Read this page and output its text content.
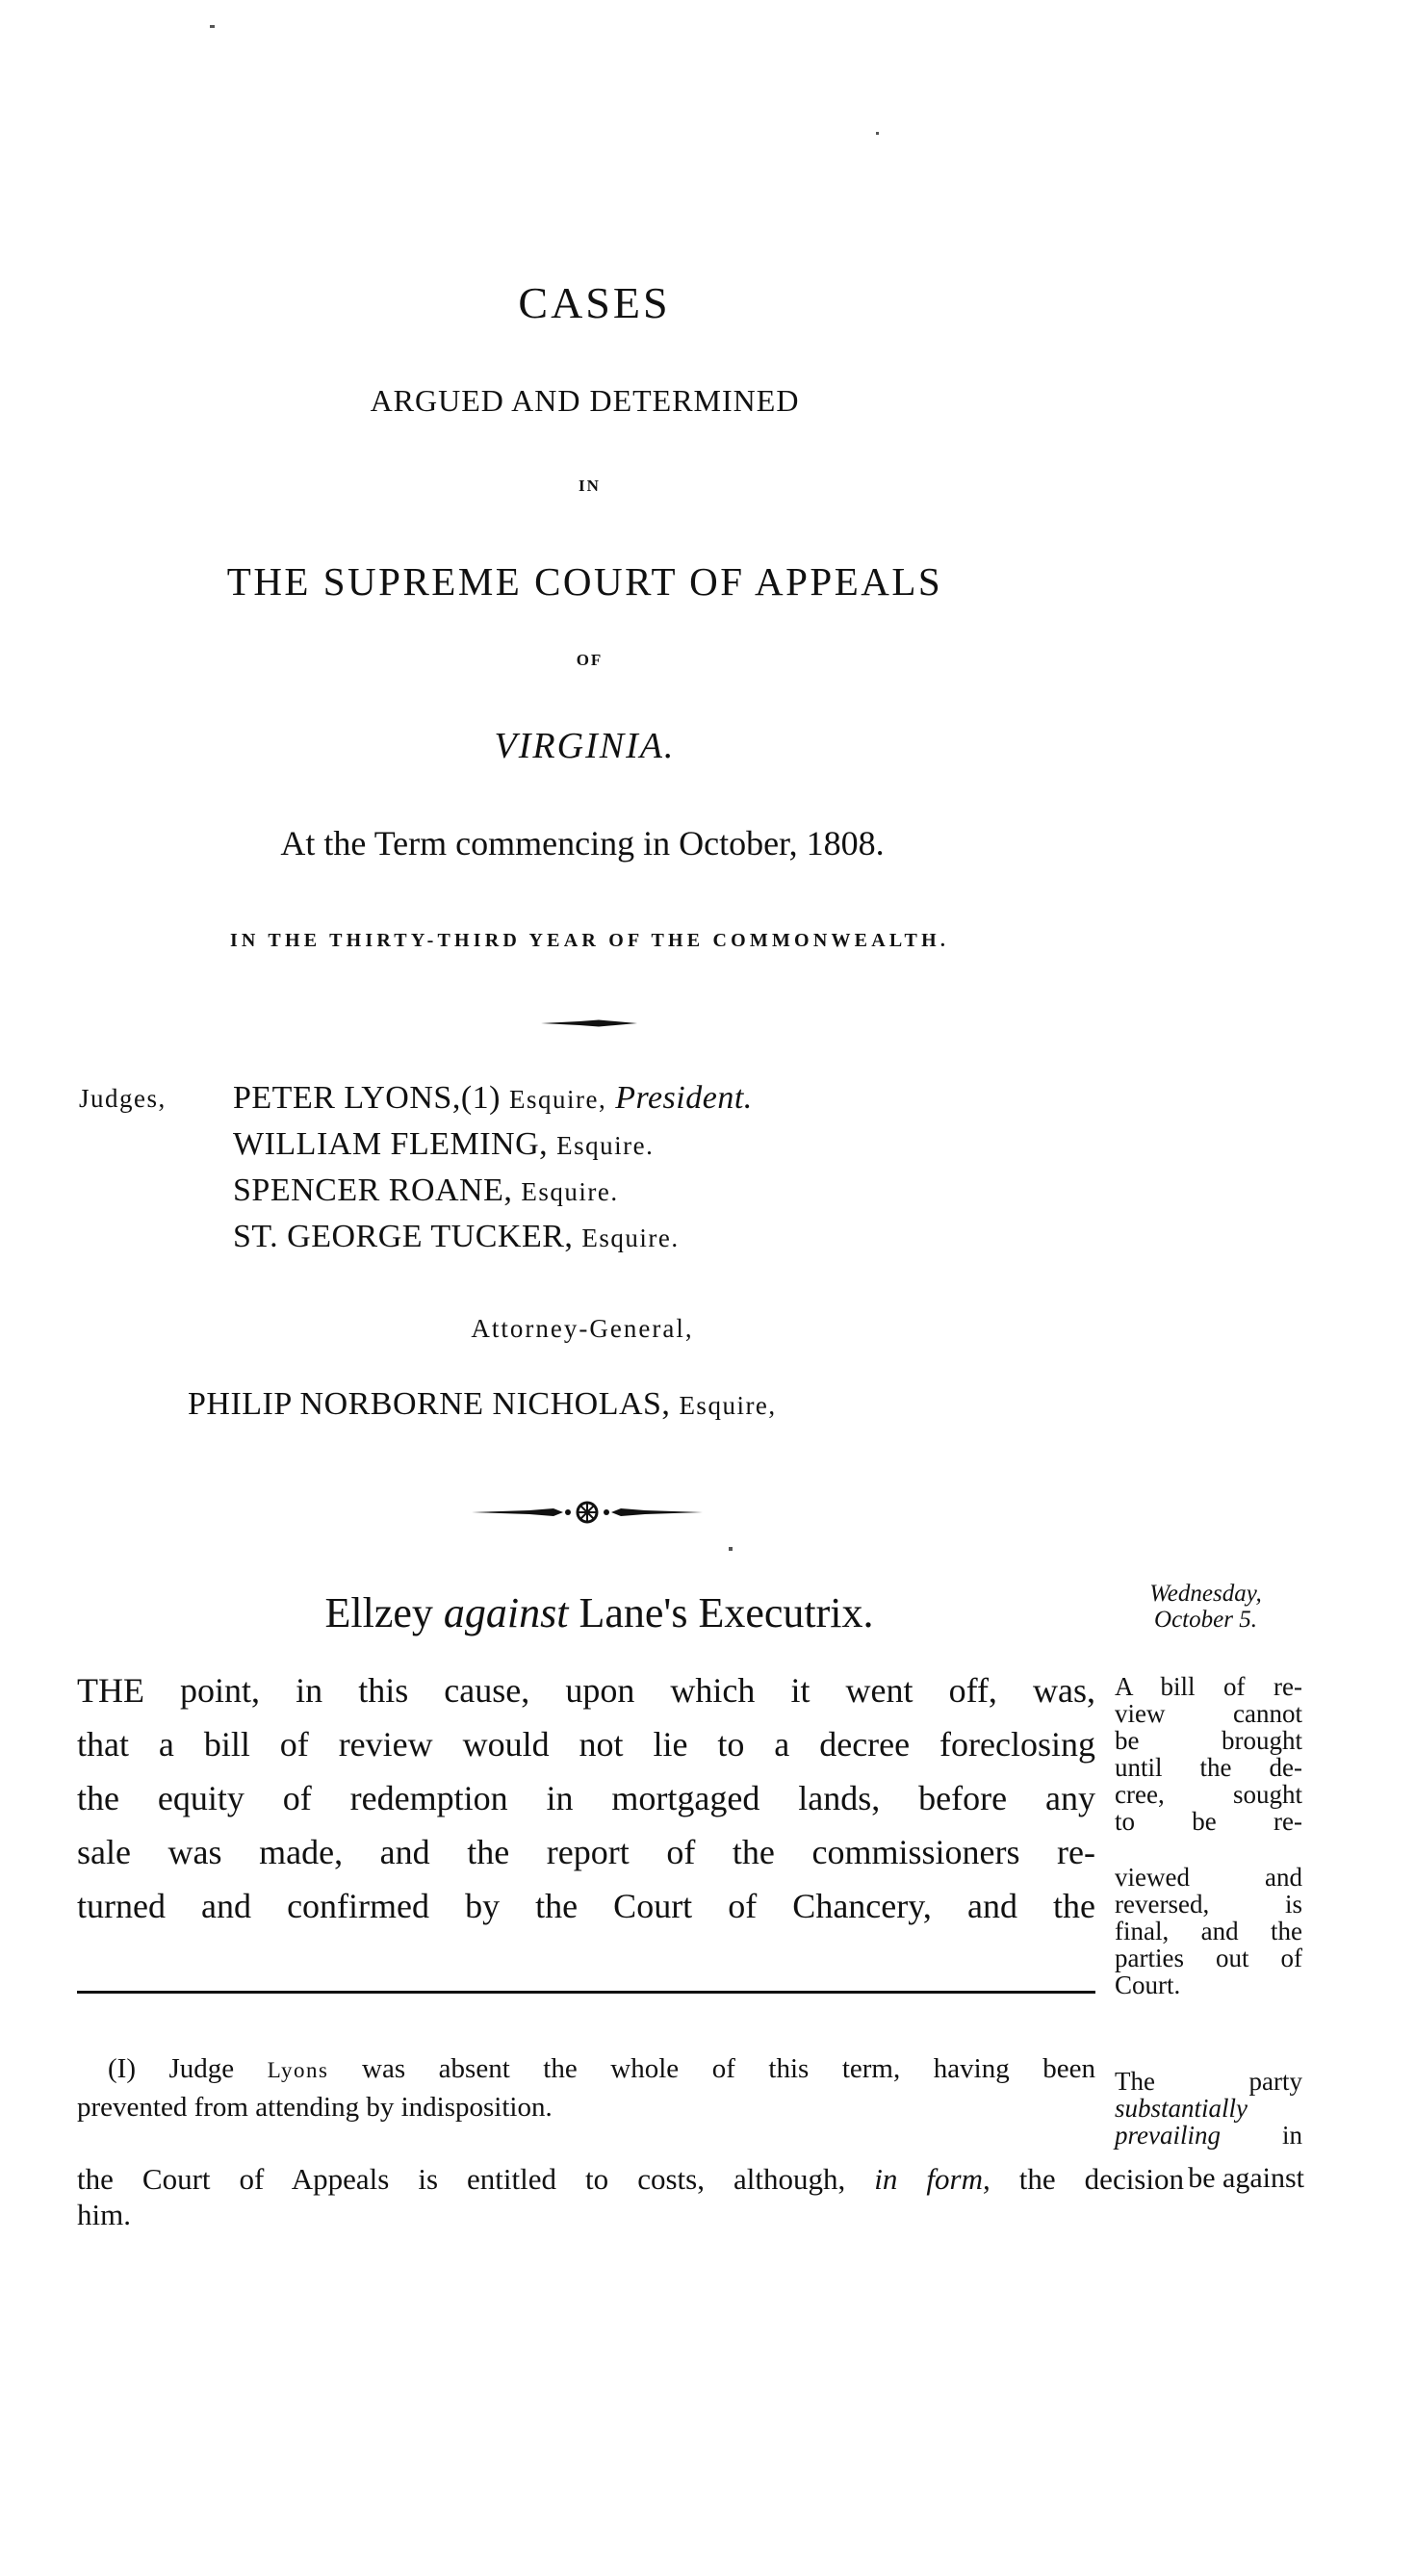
CASES
ARGUED AND DETERMINED
IN
THE SUPREME COURT OF APPEALS
OF
VIRGINIA.
At the Term commencing in October, 1808.
IN THE THIRTY-THIRD YEAR OF THE COMMONWEALTH.
Judges, PETER LYONS,(1) Esquire, President.
WILLIAM FLEMING, Esquire.
SPENCER ROANE, Esquire.
ST. GEORGE TUCKER, Esquire.
Attorney-General,
PHILIP NORBORNE NICHOLAS, Esquire,
Ellzey against Lane's Executrix.	Wednesday,
October 5.
THE point, in this cause, upon which it went off, was,
that a bill of review would not lie to a decree foreclosing
the equity of redemption in mortgaged lands, before any
sale was made, and the report of the commissioners re-
turned and confirmed by the Court of Chancery, and the
A bill of re-
view cannot
be brought
until the de-
cree, sought
to be re-
viewed and
reversed, is
final, and the
parties out of
Court.
The party
substantially
prevailing in
(I) Judge Lyons was absent the whole of this term, having been
prevented from attending by indisposition.
the Court of Appeals is entitled to costs, although, in form, the decision be against
him.
